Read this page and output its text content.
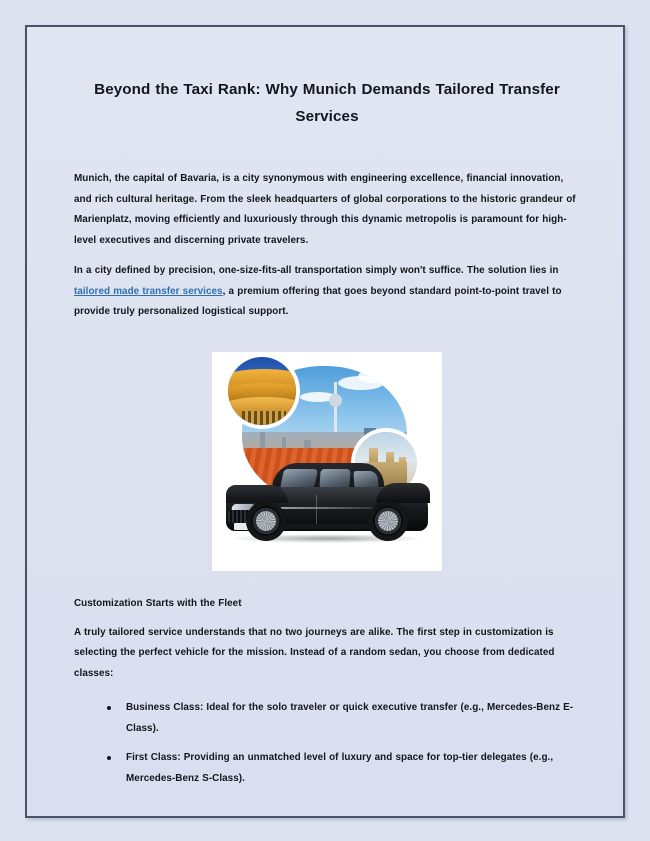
Beyond the Taxi Rank: Why Munich Demands Tailored Transfer Services

Munich, the capital of Bavaria, is a city synonymous with engineering excellence, financial innovation, and rich cultural heritage. From the sleek headquarters of global corporations to the historic grandeur of Marienplatz, moving efficiently and luxuriously through this dynamic metropolis is paramount for high-level executives and discerning private travelers.

In a city defined by precision, one-size-fits-all transportation simply won't suffice. The solution lies in tailored made transfer services, a premium offering that goes beyond standard point-to-point travel to provide truly personalized logistical support.

Customization Starts with the Fleet

A truly tailored service understands that no two journeys are alike. The first step in customization is selecting the perfect vehicle for the mission. Instead of a random sedan, you choose from dedicated classes:

Business Class: Ideal for the solo traveler or quick executive transfer (e.g., Mercedes-Benz E-Class).
First Class: Providing an unmatched level of luxury and space for top-tier delegates (e.g., Mercedes-Benz S-Class).
